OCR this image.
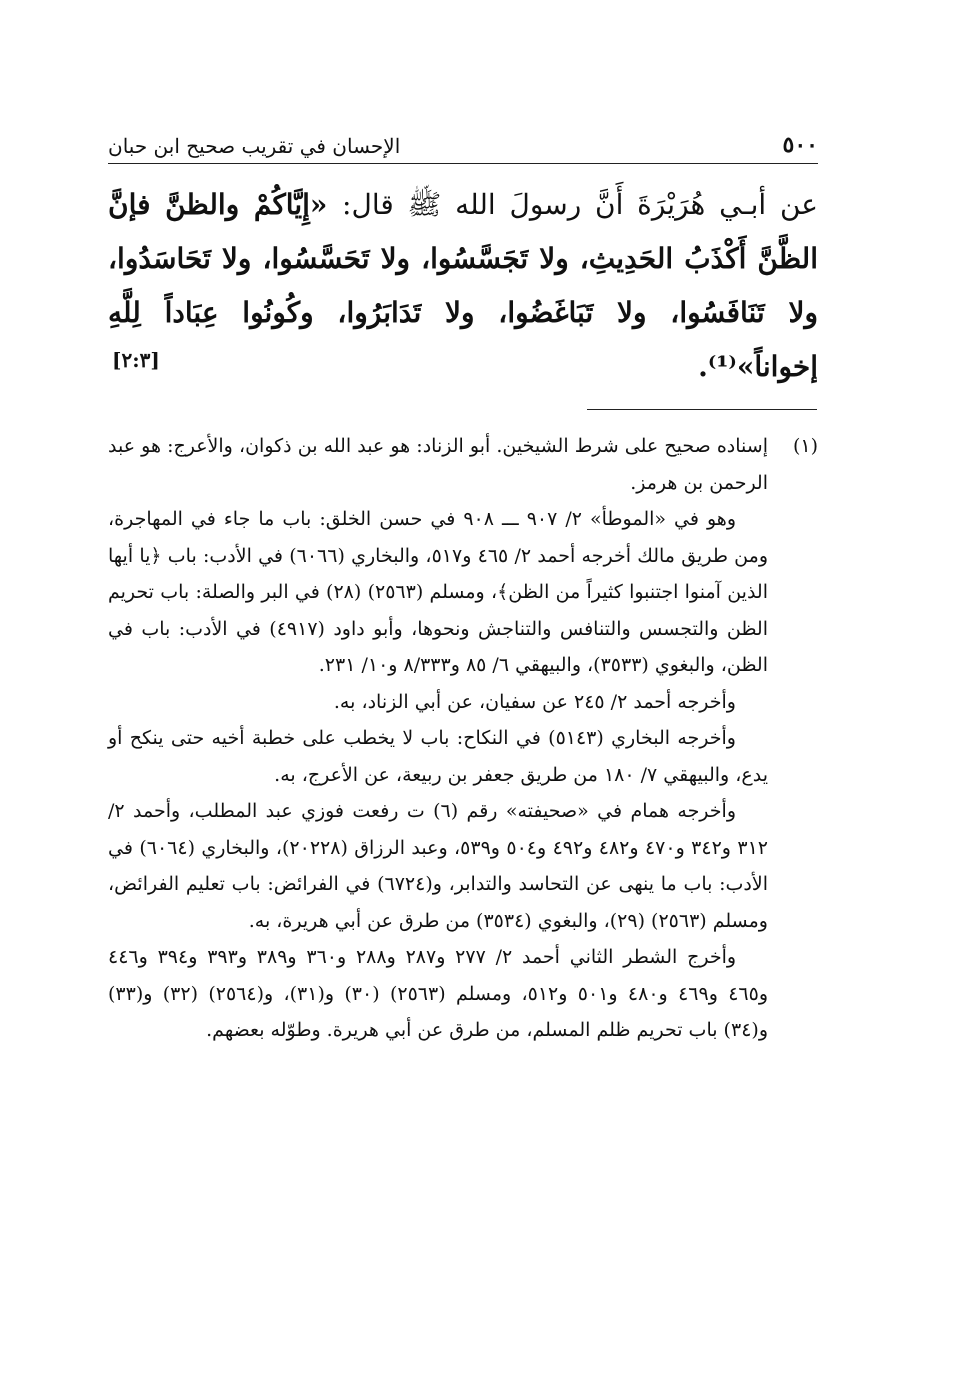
الإحسان في تقريب صحيح ابن حبان	٥٠٠
عن أبـي هُرَيْرَةَ أَنَّ رسولَ الله ﷺ قال: «إِيَّاكُمْ والظنَّ فإنَّ الظَّنَّ أَكْذَبُ الحَدِيثِ، ولا تَجَسَّسُوا، ولا تَحَسَّسُوا، ولا تَحَاسَدُوا، ولا تَنَافَسُوا، ولا تَبَاغَضُوا، ولا تَدَابَرُوا، وكُونُوا عِبَاداً لِلَّهِ إخواناً»⁽¹⁾.
[٢:٣]
(١)

إسناده صحيح على شرط الشيخين. أبو الزناد: هو عبد الله بن ذكوان، والأعرج: هو عبد الرحمن بن هرمز.

وهو في «الموطأ» ٢/ ٩٠٧ ـــ ٩٠٨ في حسن الخلق: باب ما جاء في المهاجرة، ومن طريق مالك أخرجه أحمد ٢/ ٤٦٥ و٥١٧، والبخاري (٦٠٦٦) في الأدب: باب ﴿يا أيها الذين آمنوا اجتنبوا كثيراً من الظن﴾، ومسلم (٢٥٦٣) (٢٨) في البر والصلة: باب تحريم الظن والتجسس والتنافس والتناجش ونحوها، وأبو داود (٤٩١٧) في الأدب: باب في الظن، والبغوي (٣٥٣٣)، والبيهقي ٦/ ٨٥ و٨/٣٣٣ و١٠/ ٢٣١.

وأخرجه أحمد ٢/ ٢٤٥ عن سفيان، عن أبي الزناد، به.

وأخرجه البخاري (٥١٤٣) في النكاح: باب لا يخطب على خطبة أخيه حتى ينكح أو يدع، والبيهقي ٧/ ١٨٠ من طريق جعفر بن ربيعة، عن الأعرج، به.

وأخرجه همام في «صحيفته» رقم (٦) ت رفعت فوزي عبد المطلب، وأحمد ٢/ ٣١٢ و٣٤٢ و٤٧٠ و٤٨٢ و٤٩٢ و٥٠٤ و٥٣٩، وعبد الرزاق (٢٠٢٢٨)، والبخاري (٦٠٦٤) في الأدب: باب ما ينهى عن التحاسد والتدابر، و(٦٧٢٤) في الفرائض: باب تعليم الفرائض، ومسلم (٢٥٦٣) (٢٩)، والبغوي (٣٥٣٤) من طرق عن أبي هريرة، به.

وأخرج الشطر الثاني أحمد ٢/ ٢٧٧ و٢٨٧ و٢٨٨ و٣٦٠ و٣٨٩ و٣٩٣ و٣٩٤ و٤٤٦ و٤٦٥ و٤٦٩ و٤٨٠ و٥٠١ و٥١٢، ومسلم (٢٥٦٣) (٣٠) و(٣١)، و(٢٥٦٤) (٣٢) و(٣٣) و(٣٤) باب تحريم ظلم المسلم، من طرق عن أبي هريرة. وطوّله بعضهم.
